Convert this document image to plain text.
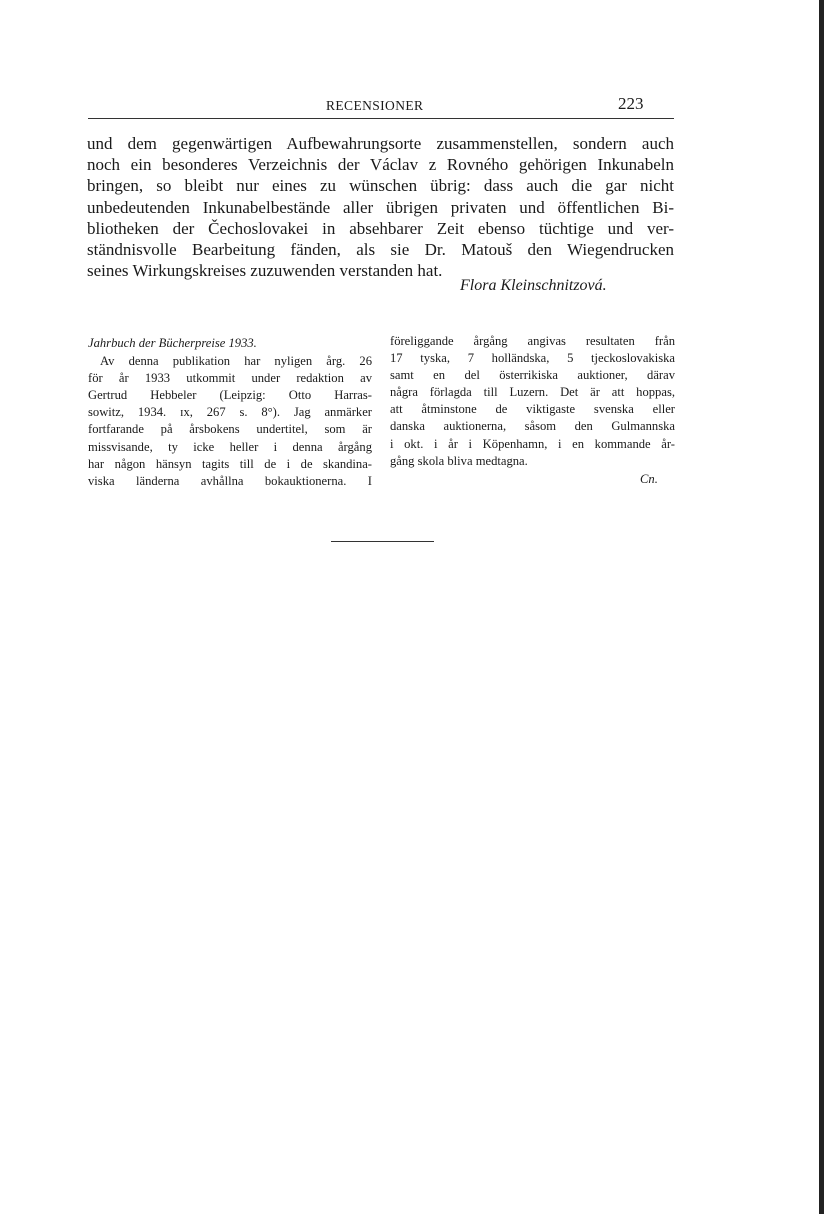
RECENSIONER	223
und dem gegenwärtigen Aufbewahrungsorte zusammenstellen, sondern auch
noch ein besonderes Verzeichnis der Václav z Rovného gehörigen Inkunabeln
bringen, so bleibt nur eines zu wünschen übrig: dass auch die gar nicht
unbedeutenden Inkunabelbestände aller übrigen privaten und öffentlichen Bi-
bliotheken der Čechoslovakei in absehbarer Zeit ebenso tüchtige und ver-
ständnisvolle Bearbeitung fänden, als sie Dr. Matouš den Wiegendrucken
seines Wirkungskreises zuzuwenden verstanden hat.
Flora Kleinschnitzová.
Jahrbuch der Bücherpreise 1933.
Av denna publikation har nyligen årg. 26
för år 1933 utkommit under redaktion av
Gertrud Hebbeler (Leipzig: Otto Harras-
sowitz, 1934. ɪx, 267 s. 8°). Jag anmärker
fortfarande på årsbokens undertitel, som är
missvisande, ty icke heller i denna årgång
har någon hänsyn tagits till de i de skandina-
viska länderna avhållna bokauktionerna. I
föreliggande årgång angivas resultaten från
17 tyska, 7 holländska, 5 tjeckoslovakiska
samt en del österrikiska auktioner, därav
några förlagda till Luzern. Det är att hoppas,
att åtminstone de viktigaste svenska eller
danska auktionerna, såsom den Gulmannska
i okt. i år i Köpenhamn, i en kommande år-
gång skola bliva medtagna.
Cn.
